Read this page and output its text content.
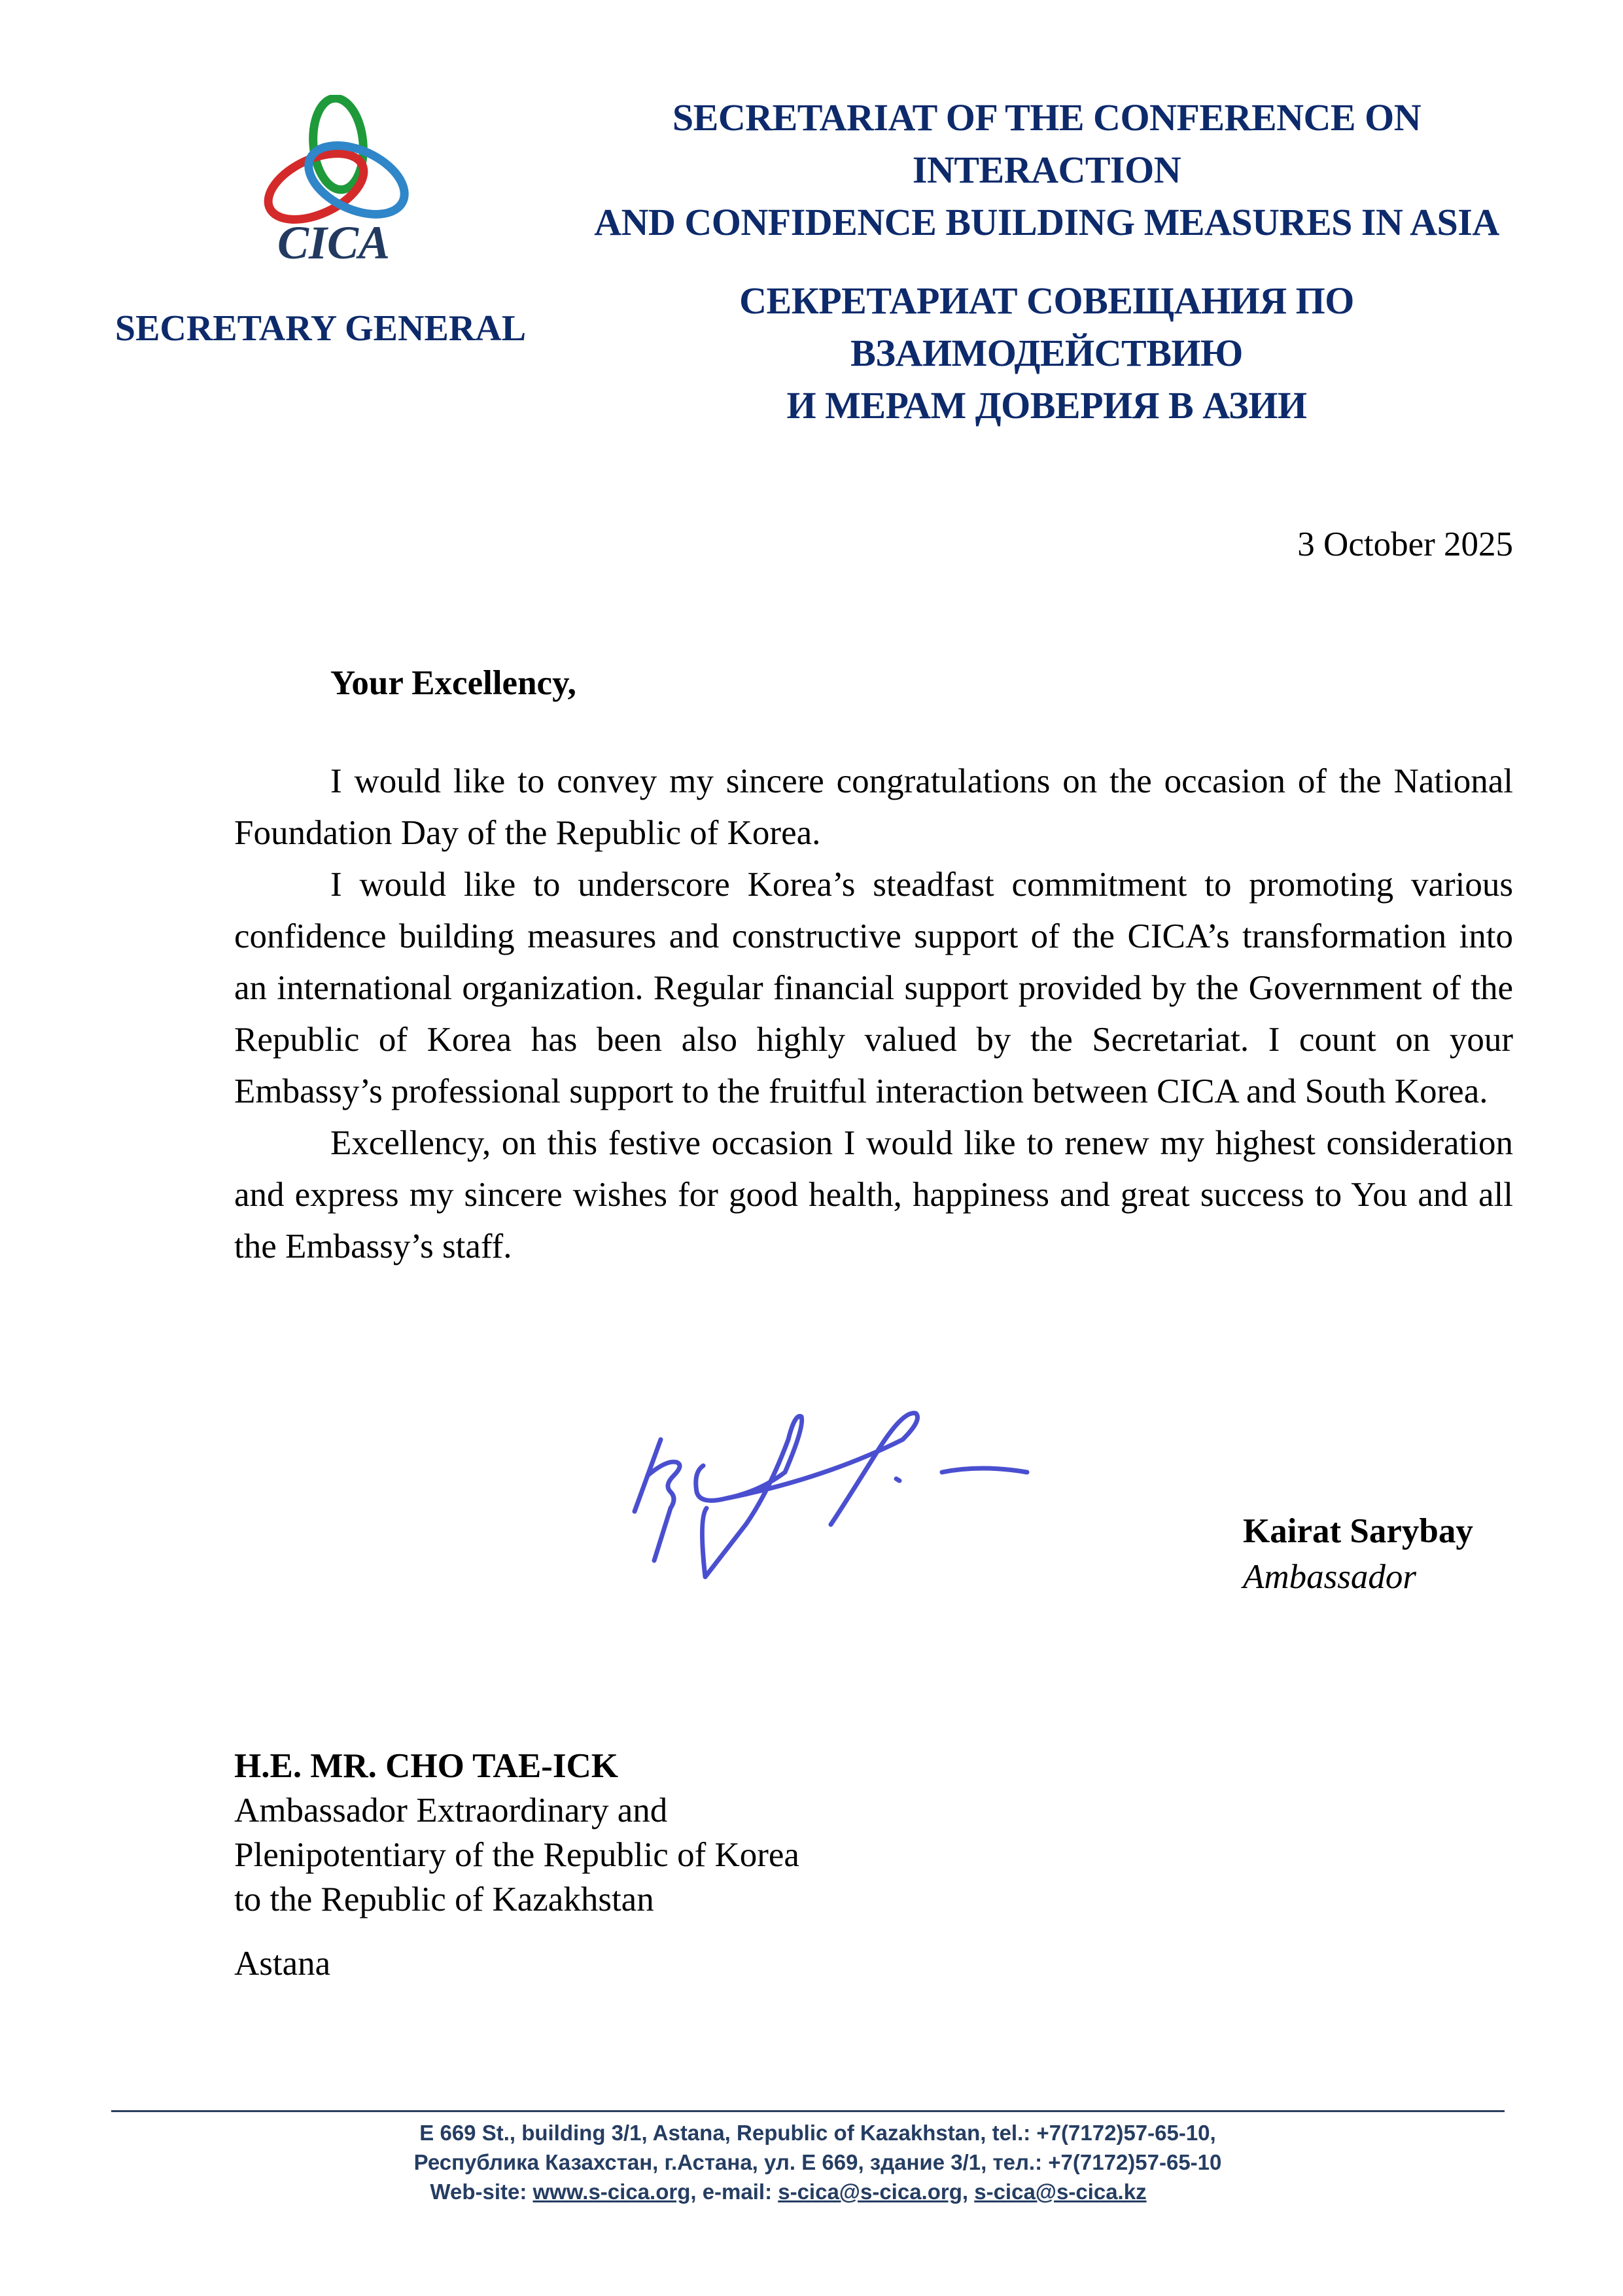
CICA
SECRETARY GENERAL
SECRETARIAT OF THE CONFERENCE ON INTERACTION
AND CONFIDENCE BUILDING MEASURES IN ASIA
СЕКРЕТАРИАТ СОВЕЩАНИЯ ПО ВЗАИМОДЕЙСТВИЮ
И МЕРАМ ДОВЕРИЯ В АЗИИ
3 October 2025
Your Excellency,

I would like to convey my sincere congratulations on the occasion of the National Foundation Day of the Republic of Korea.

I would like to underscore Korea’s steadfast commitment to promoting various confidence building measures and constructive support of the CICA’s transformation into an international organization. Regular financial support provided by the Government of the Republic of Korea has been also highly valued by the Secretariat. I count on your Embassy’s professional support to the fruitful interaction between CICA and South Korea.

Excellency, on this festive occasion I would like to renew my highest consideration and express my sincere wishes for good health, happiness and great success to You and all the Embassy’s staff.

Kairat Sarybay
Ambassador
H.E. MR. CHO TAE-ICK
Ambassador Extraordinary and
Plenipotentiary of the Republic of Korea
to the Republic of Kazakhstan
Astana
E 669 St., building 3/1, Astana, Republic of Kazakhstan, tel.: +7(7172)57-65-10,
Республика Казахстан, г.Астана, ул. Е 669, здание 3/1, тел.: +7(7172)57-65-10
Web-site: www.s-cica.org, e-mail: s-cica@s-cica.org, s-cica@s-cica.kz
